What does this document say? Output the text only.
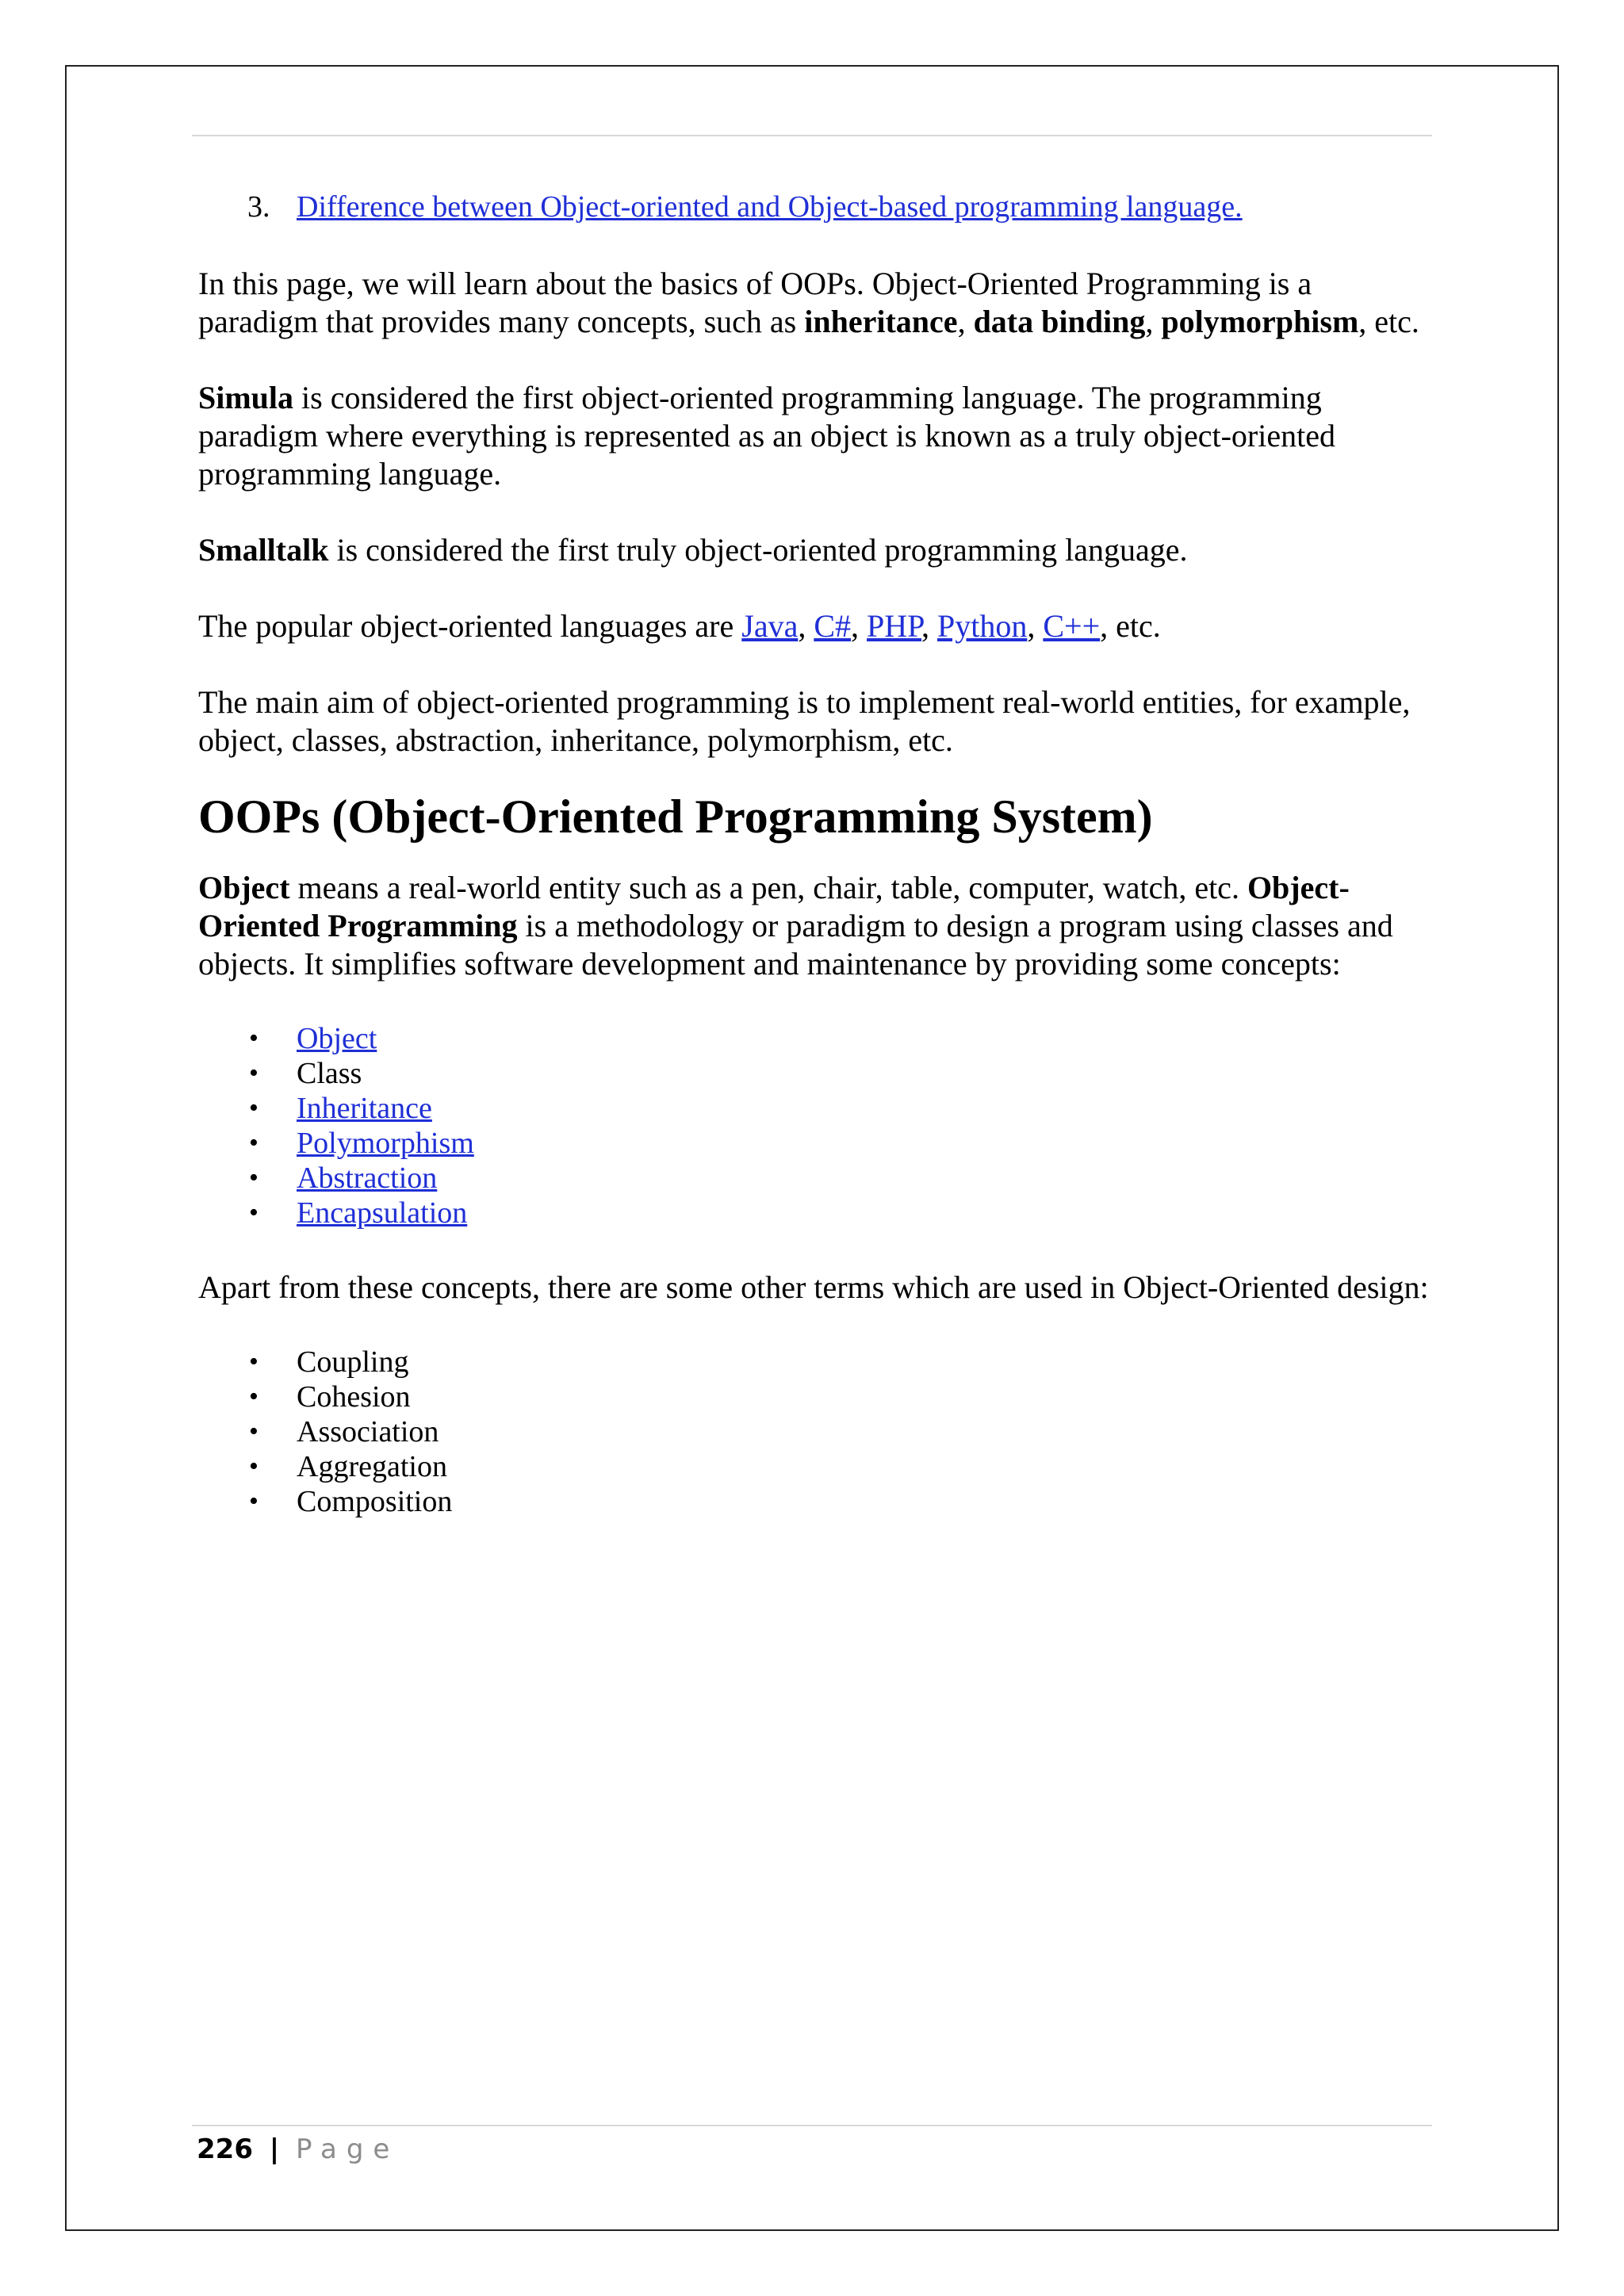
3. Difference between Object-oriented and Object-based programming language.

In this page, we will learn about the basics of OOPs. Object-Oriented Programming is a paradigm that provides many concepts, such as inheritance, data binding, polymorphism, etc.

Simula is considered the first object-oriented programming language. The programming paradigm where everything is represented as an object is known as a truly object-oriented programming language.

Smalltalk is considered the first truly object-oriented programming language.

The popular object-oriented languages are Java, C#, PHP, Python, C++, etc.

The main aim of object-oriented programming is to implement real-world entities, for example, object, classes, abstraction, inheritance, polymorphism, etc.

OOPs (Object-Oriented Programming System)

Object means a real-world entity such as a pen, chair, table, computer, watch, etc. Object-Oriented Programming is a methodology or paradigm to design a program using classes and objects. It simplifies software development and maintenance by providing some concepts:

• Object
• Class
• Inheritance
• Polymorphism
• Abstraction
• Encapsulation

Apart from these concepts, there are some other terms which are used in Object-Oriented design:

• Coupling
• Cohesion
• Association
• Aggregation
• Composition
226 | Page
